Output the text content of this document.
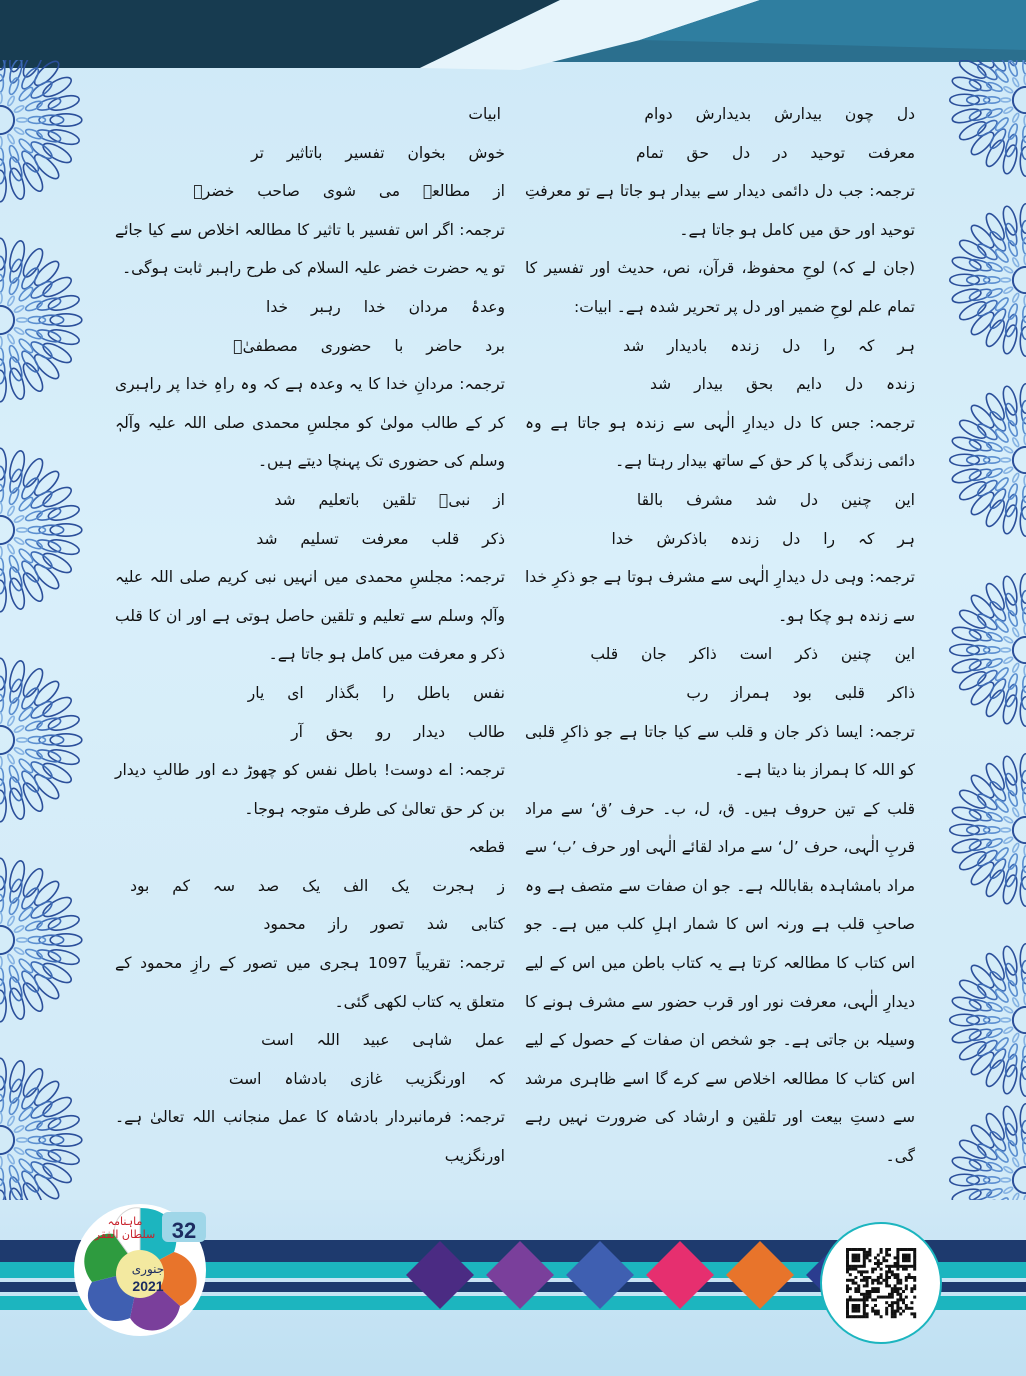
دل چون بیدارش بدیدارش دوام

معرفت توحید در دل حق تمام

ترجمہ: جب دل دائمی دیدار سے بیدار ہو جاتا ہے تو معرفتِ توحید اور حق میں کامل ہو جاتا ہے۔

(جان لے کہ) لوحِ محفوظ، قرآن، نص، حدیث اور تفسیر کا تمام علم لوحِ ضمیر اور دل پر تحریر شدہ ہے۔ ابیات:

ہر کہ را دل زندہ بادیدار شد

زندہ دل دایم بحق بیدار شد

ترجمہ: جس کا دل دیدارِ الٰہی سے زندہ ہو جاتا ہے وہ دائمی زندگی پا کر حق کے ساتھ بیدار رہتا ہے۔

این چنین دل شد مشرف بالقا

ہر کہ را دل زندہ باذکرش خدا

ترجمہ: وہی دل دیدارِ الٰہی سے مشرف ہوتا ہے جو ذکرِ خدا سے زندہ ہو چکا ہو۔

این چنین ذکر است ذاکر جان قلب

ذاکر قلبی بود ہمراز رب

ترجمہ: ایسا ذکر جان و قلب سے کیا جاتا ہے جو ذاکرِ قلبی کو اللہ کا ہمراز بنا دیتا ہے۔

قلب کے تین حروف ہیں۔ ق، ل، ب۔ حرف ’ق‘ سے مراد قربِ الٰہی، حرف ’ل‘ سے مراد لقائے الٰہی اور حرف ’ب‘ سے مراد بامشاہدہ بقاباللہ ہے۔ جو ان صفات سے متصف ہے وہ صاحبِ قلب ہے ورنہ اس کا شمار اہلِ کلب میں ہے۔ جو اس کتاب کا مطالعہ کرتا ہے یہ کتاب باطن میں اس کے لیے دیدارِ الٰہی، معرفت نور اور قرب حضور سے مشرف ہونے کا وسیلہ بن جاتی ہے۔ جو شخص ان صفات کے حصول کے لیے اس کتاب کا مطالعہ اخلاص سے کرے گا اسے ظاہری مرشد سے دستِ بیعت اور تلقین و ارشاد کی ضرورت نہیں رہے گی۔

ابیات

خوش بخوان تفسیر باتاثیر تر

از مطالعہ می شوی صاحب خضرؒ

ترجمہ: اگر اس تفسیر با تاثیر کا مطالعہ اخلاص سے کیا جائے تو یہ حضرت خضر علیہ السلام کی طرح راہبر ثابت ہوگی۔

وعدۂ مردان خدا رہبر خدا

برد حاضر با حضوری مصطفیٰؐ

ترجمہ: مردانِ خدا کا یہ وعدہ ہے کہ وہ راہِ خدا پر راہبری کر کے طالب مولیٰ کو مجلسِ محمدی صلی اللہ علیہ وآلہٖ وسلم کی حضوری تک پہنچا دیتے ہیں۔

از نبیؐ تلقین باتعلیم شد

ذکر قلب معرفت تسلیم شد

ترجمہ: مجلسِ محمدی میں انہیں نبی کریم صلی اللہ علیہ وآلہٖ وسلم سے تعلیم و تلقین حاصل ہوتی ہے اور ان کا قلب ذکر و معرفت میں کامل ہو جاتا ہے۔

نفس باطل را بگذار ای یار

طالب دیدار رو بحق آر

ترجمہ: اے دوست! باطل نفس کو چھوڑ دے اور طالبِ دیدار بن کر حق تعالیٰ کی طرف متوجہ ہوجا۔

قطعہ

ز ہجرت یک الف یک صد سہ کم بود

کتابی شد تصور راز محمود

ترجمہ: تقریباً 1097 ہجری میں تصور کے رازِ محمود کے متعلق یہ کتاب لکھی گئی۔

عمل شاہی عبید اللہ است

کہ اورنگزیب غازی بادشاہ است

ترجمہ: فرمانبردار بادشاہ کا عمل منجانب اللہ تعالیٰ ہے۔ اورنگزیب

32
جنوری
2021
ماہنامہ سلطان الفقر
